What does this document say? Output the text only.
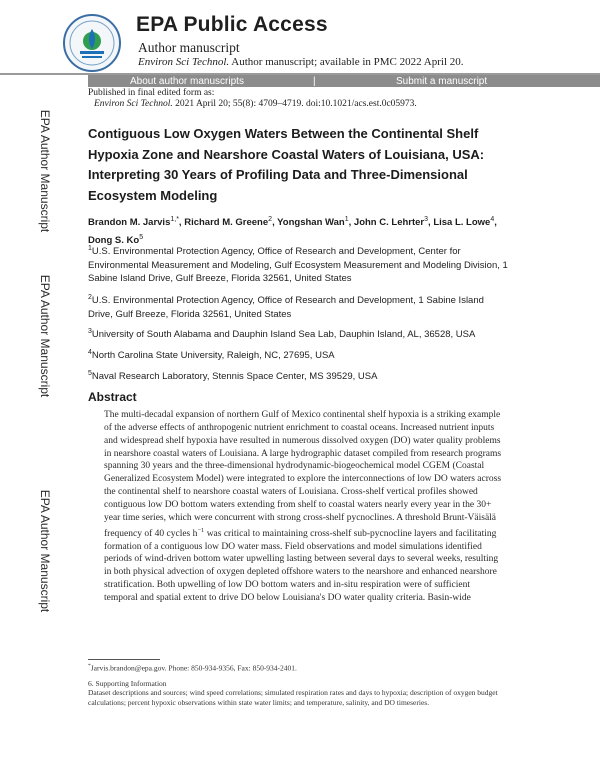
EPA Public Access
Author manuscript
Environ Sci Technol. Author manuscript; available in PMC 2022 April 20.
About author manuscripts	|	Submit a manuscript
Published in final edited form as:
Environ Sci Technol. 2021 April 20; 55(8): 4709–4719. doi:10.1021/acs.est.0c05973.
EPA Author Manuscript
EPA Author Manuscript
EPA Author Manuscript
Contiguous Low Oxygen Waters Between the Continental Shelf Hypoxia Zone and Nearshore Coastal Waters of Louisiana, USA: Interpreting 30 Years of Profiling Data and Three-Dimensional Ecosystem Modeling
Brandon M. Jarvis$^{1,*}$, Richard M. Greene$^2$, Yongshan Wan$^1$, John C. Lehrter$^3$, Lisa L. Lowe$^4$, Dong S. Ko$^5$
$^1$U.S. Environmental Protection Agency, Office of Research and Development, Center for Environmental Measurement and Modeling, Gulf Ecosystem Measurement and Modeling Division, 1 Sabine Island Drive, Gulf Breeze, Florida 32561, United States
$^2$U.S. Environmental Protection Agency, Office of Research and Development, 1 Sabine Island Drive, Gulf Breeze, Florida 32561, United States
$^3$University of South Alabama and Dauphin Island Sea Lab, Dauphin Island, AL, 36528, USA
$^4$North Carolina State University, Raleigh, NC, 27695, USA
$^5$Naval Research Laboratory, Stennis Space Center, MS 39529, USA
Abstract
The multi-decadal expansion of northern Gulf of Mexico continental shelf hypoxia is a striking example of the adverse effects of anthropogenic nutrient enrichment to coastal oceans. Increased nutrient inputs and widespread shelf hypoxia have resulted in numerous dissolved oxygen (DO) water quality problems in nearshore coastal waters of Louisiana. A large hydrographic dataset compiled from research programs spanning 30 years and the three-dimensional hydrodynamic-biogeochemical model CGEM (Coastal Generalized Ecosystem Model) were integrated to explore the interconnections of low DO waters across the continental shelf to nearshore coastal waters of Louisiana. Cross-shelf vertical profiles showed contiguous low DO bottom waters extending from shelf to coastal waters nearly every year in the 30+ year time series, which were concurrent with strong cross-shelf pycnoclines. A threshold Brunt-Väisälä frequency of 40 cycles $h^{-1}$ was critical to maintaining cross-shelf sub-pycnocline layers and facilitating formation of a contiguous low DO water mass. Field observations and model simulations identified periods of wind-driven bottom water upwelling lasting between several days to several weeks, resulting in both physical advection of oxygen depleted offshore waters to the nearshore and enhanced nearshore stratification. Both upwelling of low DO bottom waters and in-situ respiration were of sufficient temporal and spatial extent to drive DO below Louisiana's DO water quality criteria. Basin-wide
*Jarvis.brandon@epa.gov. Phone: 850-934-9356, Fax: 850-934-2401.
6. Supporting Information
Dataset descriptions and sources; wind speed correlations; simulated respiration rates and days to hypoxia; description of oxygen budget calculations; percent hypoxic observations within state water limits; and temperature, salinity, and DO timeseries.
